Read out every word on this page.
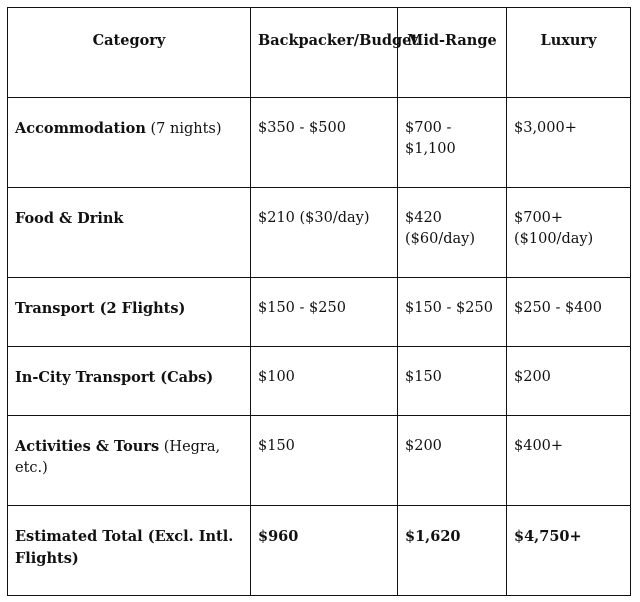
Category	Backpacker/Budget	Mid-Range	Luxury
Accommodation (7 nights)	$350 - $500	$700 - $1,100	$3,000+
Food & Drink	$210 ($30/day)	$420 ($60/day)	$700+ ($100/day)
Transport (2 Flights)	$150 - $250	$150 - $250	$250 - $400
In-City Transport (Cabs)	$100	$150	$200
Activities & Tours (Hegra, etc.)	$150	$200	$400+
Estimated Total (Excl. Intl. Flights)	$960	$1,620	$4,750+
